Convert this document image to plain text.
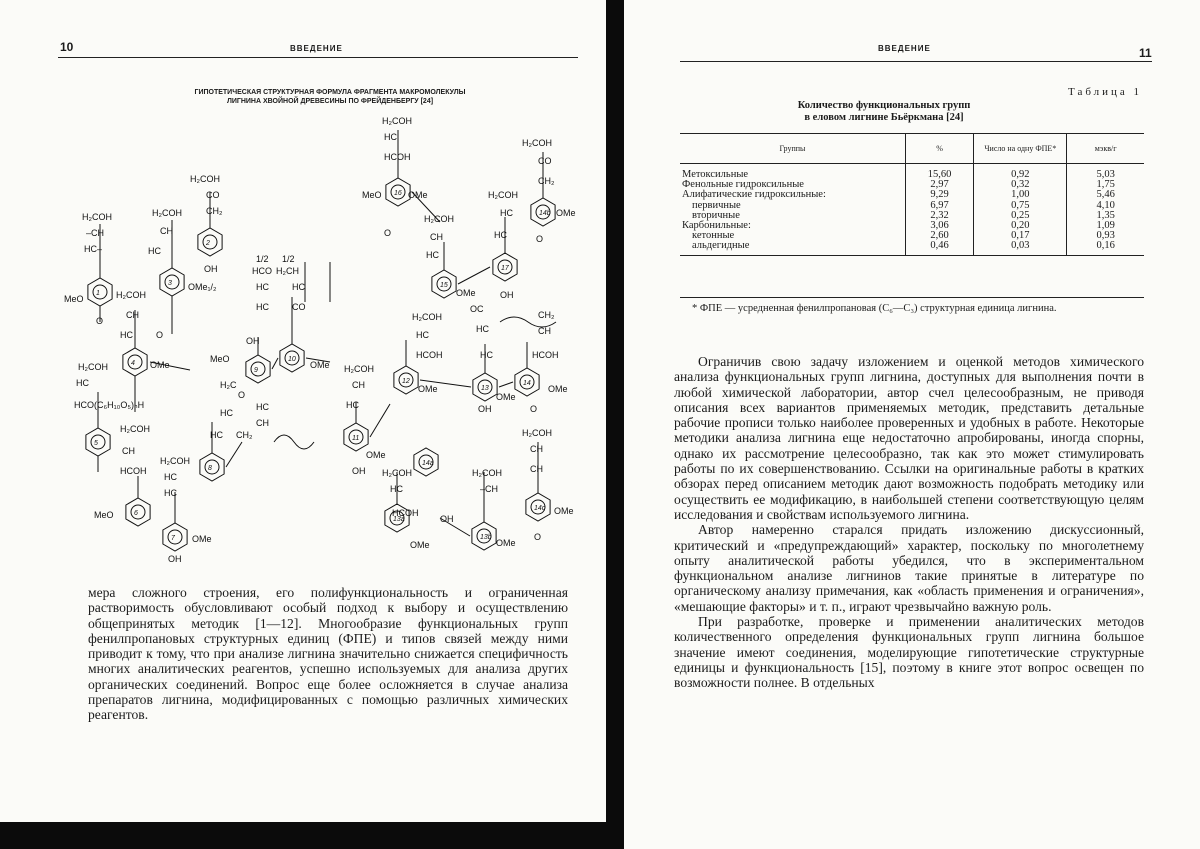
10	ВВЕДЕНИЕ
ГИПОТЕТИЧЕСКАЯ СТРУКТУРНАЯ ФОРМУЛА ФРАГМЕНТА МАКРОМОЛЕКУЛЫ
ЛИГНИНА ХВОЙНОЙ ДРЕВЕСИНЫ ПО ФРЕЙДЕНБЕРГУ [24]
1
2
3
4
5
6
7
8
9
10
11
12
13
14
15
16
17
13a
13b
14a
14b
14c
H₂COH
–CH
HC–
MeO
O
H₂COH
CH
HC
H₂COH
CO
CH₂
OH
OMe₁/₂
H₂COH
CH
HC	O
OMe
H₂COH
HC
HCO(C₆H₁₀O₅)ₙH
H₂COH
CH
HCOH
MeO
H₂COH
HC
HC
OMe
OH
1/2 1/2
HCO H₂CH
HC	HC
HC	CO
OH
MeO
OMe
H₂C
O
HC
HC
HC CH₂
CH
H₂COH
CH
HC
OMe
OH
H₂COH
HC
HCOH
MeO	OMe
H₂COH
CO
CH₂
OMe
H₂COH
HC
HC	O
H₂COH
CH
HC
O
OMe
H₂COH
HC
HCOH
OH
OC
CH₂
HC	CH
HC	HCOH
OMe
OMe
OMe
OH	O
H₂COH
HC
HCOH
OH
OMe
H₂COH
–CH
H₂COH
CH
CH
OMe
O
OMe

мера сложного строения, его полифункциональность и ограниченная растворимость обусловливают особый подход к выбору и осуществлению общепринятых методик [1—12]. Многообразие функциональных групп фенилпропановых структурных единиц (ФПЕ) и типов связей между ними приводит к тому, что при анализе лигнина значительно снижается специфичность многих аналитических реагентов, успешно используемых для анализа других органических соединений. Вопрос еще более осложняется в случае анализа препаратов лигнина, модифицированных с помощью различных химических реагентов.

ВВЕДЕНИЕ	11
Таблица 1
Количество функциональных групп
в еловом лигнине Бьёркмана [24]
Группы	%	Число на одну ФПЕ*	мэкв/г
Метоксильные	15,60	0,92	5,03
Фенольные гидроксильные	2,97	0,32	1,75
Алифатические гидроксильные:	9,29	1,00	5,46
первичные	6,97	0,75	4,10
вторичные	2,32	0,25	1,35
Карбонильные:	3,06	0,20	1,09
кетонные	2,60	0,17	0,93
альдегидные	0,46	0,03	0,16
* ФПЕ — усредненная фенилпропановая (C₆—C₃) структурная единица лигнина.

Ограничив свою задачу изложением и оценкой методов химического анализа функциональных групп лигнина, доступных для выполнения почти в любой химической лаборатории, автор счел целесообразным, не приводя описания всех вариантов применяемых методик, представить детальные рабочие прописи только наиболее проверенных и удобных в работе. Некоторые методики анализа лигнина еще недостаточно апробированы, иногда спорны, однако их рассмотрение целесообразно, так как это может стимулировать работы по их совершенствованию. Ссылки на оригинальные работы в кратких обзорах перед описанием методик дают возможность подобрать методику или осуществить ее модификацию, в наибольшей степени соответствующую целям исследования и свойствам используемого лигнина.

Автор намеренно старался придать изложению дискуссионный, критический и «предупреждающий» характер, поскольку по многолетнему опыту аналитической работы убедился, что в экспериментальном функциональном анализе лигнинов такие принятые в литературе по органическому анализу примечания, как «область применения и ограничения», «мешающие факторы» и т. п., играют чрезвычайно важную роль.

При разработке, проверке и применении аналитических методов количественного определения функциональных групп лигнина большое значение имеют соединения, моделирующие гипотетические структурные единицы и функциональность [15], поэтому в книге этот вопрос освещен по возможности полнее. В отдельных
